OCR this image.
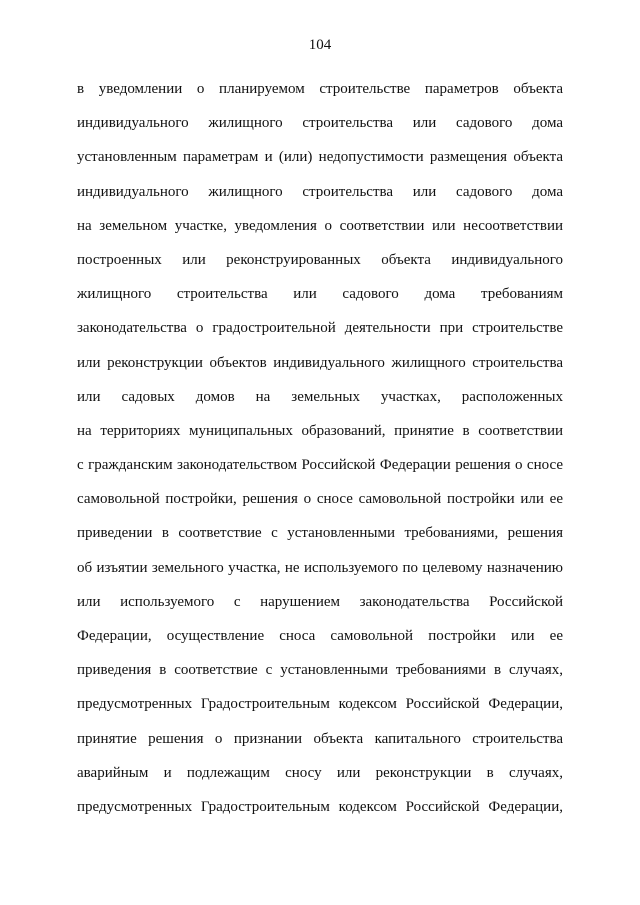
104
в уведомлении о планируемом строительстве параметров объекта
индивидуального жилищного строительства или садового дома
установленным параметрам и (или) недопустимости размещения объекта
индивидуального жилищного строительства или садового дома
на земельном участке, уведомления о соответствии или несоответствии
построенных или реконструированных объекта индивидуального
жилищного строительства или садового дома требованиям
законодательства о градостроительной деятельности при строительстве
или реконструкции объектов индивидуального жилищного строительства
или садовых домов на земельных участках, расположенных
на территориях муниципальных образований, принятие в соответствии
с гражданским законодательством Российской Федерации решения о сносе
самовольной постройки, решения о сносе самовольной постройки или ее
приведении в соответствие с установленными требованиями, решения
об изъятии земельного участка, не используемого по целевому назначению
или используемого с нарушением законодательства Российской
Федерации, осуществление сноса самовольной постройки или ее
приведения в соответствие с установленными требованиями в случаях,
предусмотренных Градостроительным кодексом Российской Федерации,
принятие решения о признании объекта капитального строительства
аварийным и подлежащим сносу или реконструкции в случаях,
предусмотренных Градостроительным кодексом Российской Федерации,
